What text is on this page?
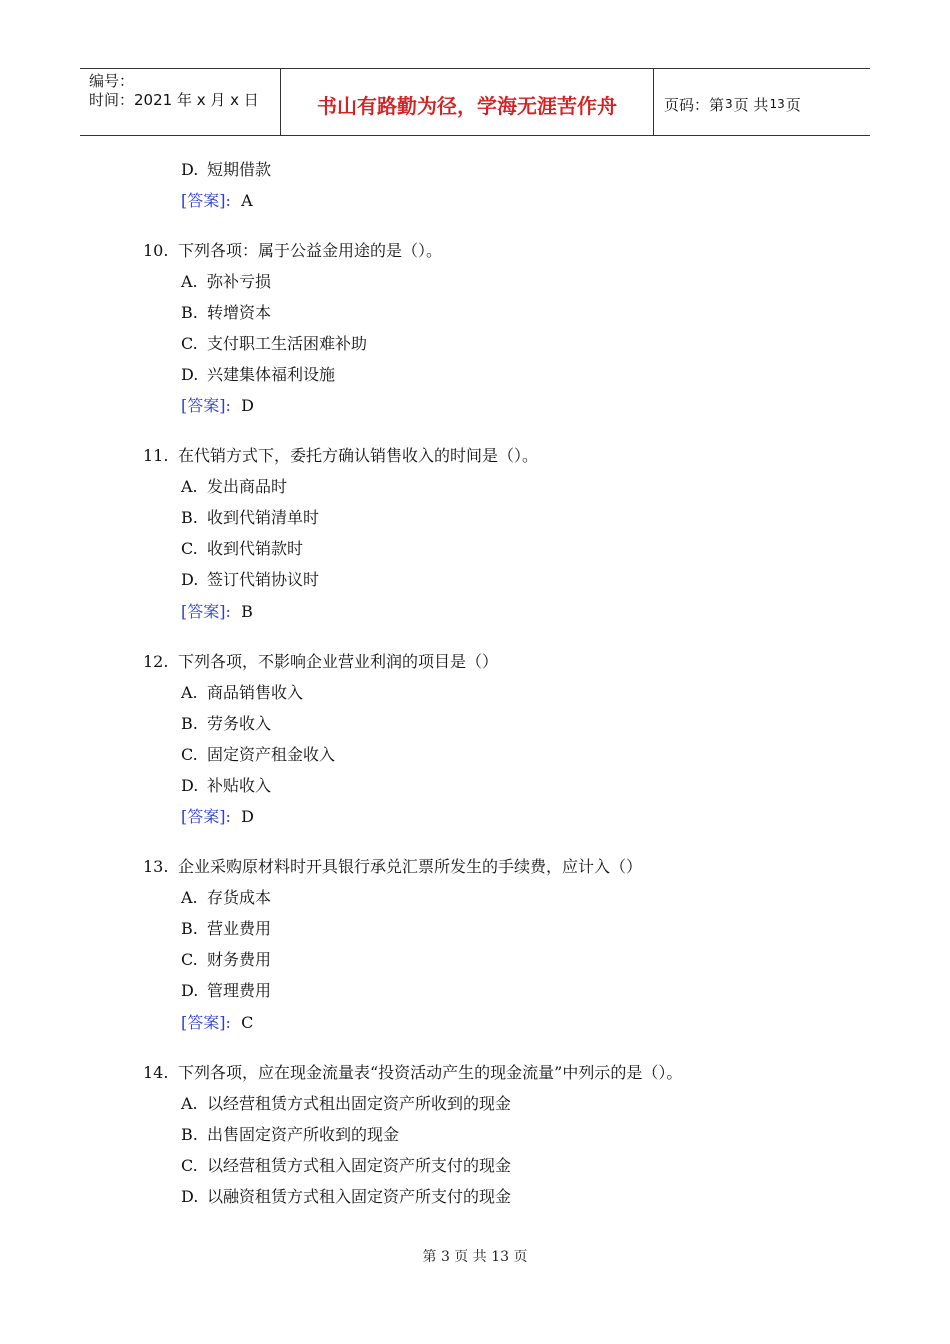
编号：
时间：2021 年 x 月 x 日	书山有路勤为径，学海无涯苦作舟	页码：第 3 页 共 13 页
D. 短期借款
[答案]: A
10. 下列各项：属于公益金用途的是（）。
A. 弥补亏损
B. 转增资本
C. 支付职工生活困难补助
D. 兴建集体福利设施
[答案]: D
11. 在代销方式下，委托方确认销售收入的时间是（）。
A. 发出商品时
B. 收到代销清单时
C. 收到代销款时
D. 签订代销协议时
[答案]: B
12. 下列各项，不影响企业营业利润的项目是（）
A. 商品销售收入
B. 劳务收入
C. 固定资产租金收入
D. 补贴收入
[答案]: D
13. 企业采购原材料时开具银行承兑汇票所发生的手续费，应计入（）
A. 存货成本
B. 营业费用
C. 财务费用
D. 管理费用
[答案]: C
14. 下列各项，应在现金流量表“投资活动产生的现金流量”中列示的是（）。
A. 以经营租赁方式租出固定资产所收到的现金
B. 出售固定资产所收到的现金
C. 以经营租赁方式租入固定资产所支付的现金
D. 以融资租赁方式租入固定资产所支付的现金
第 3 页 共 13 页
